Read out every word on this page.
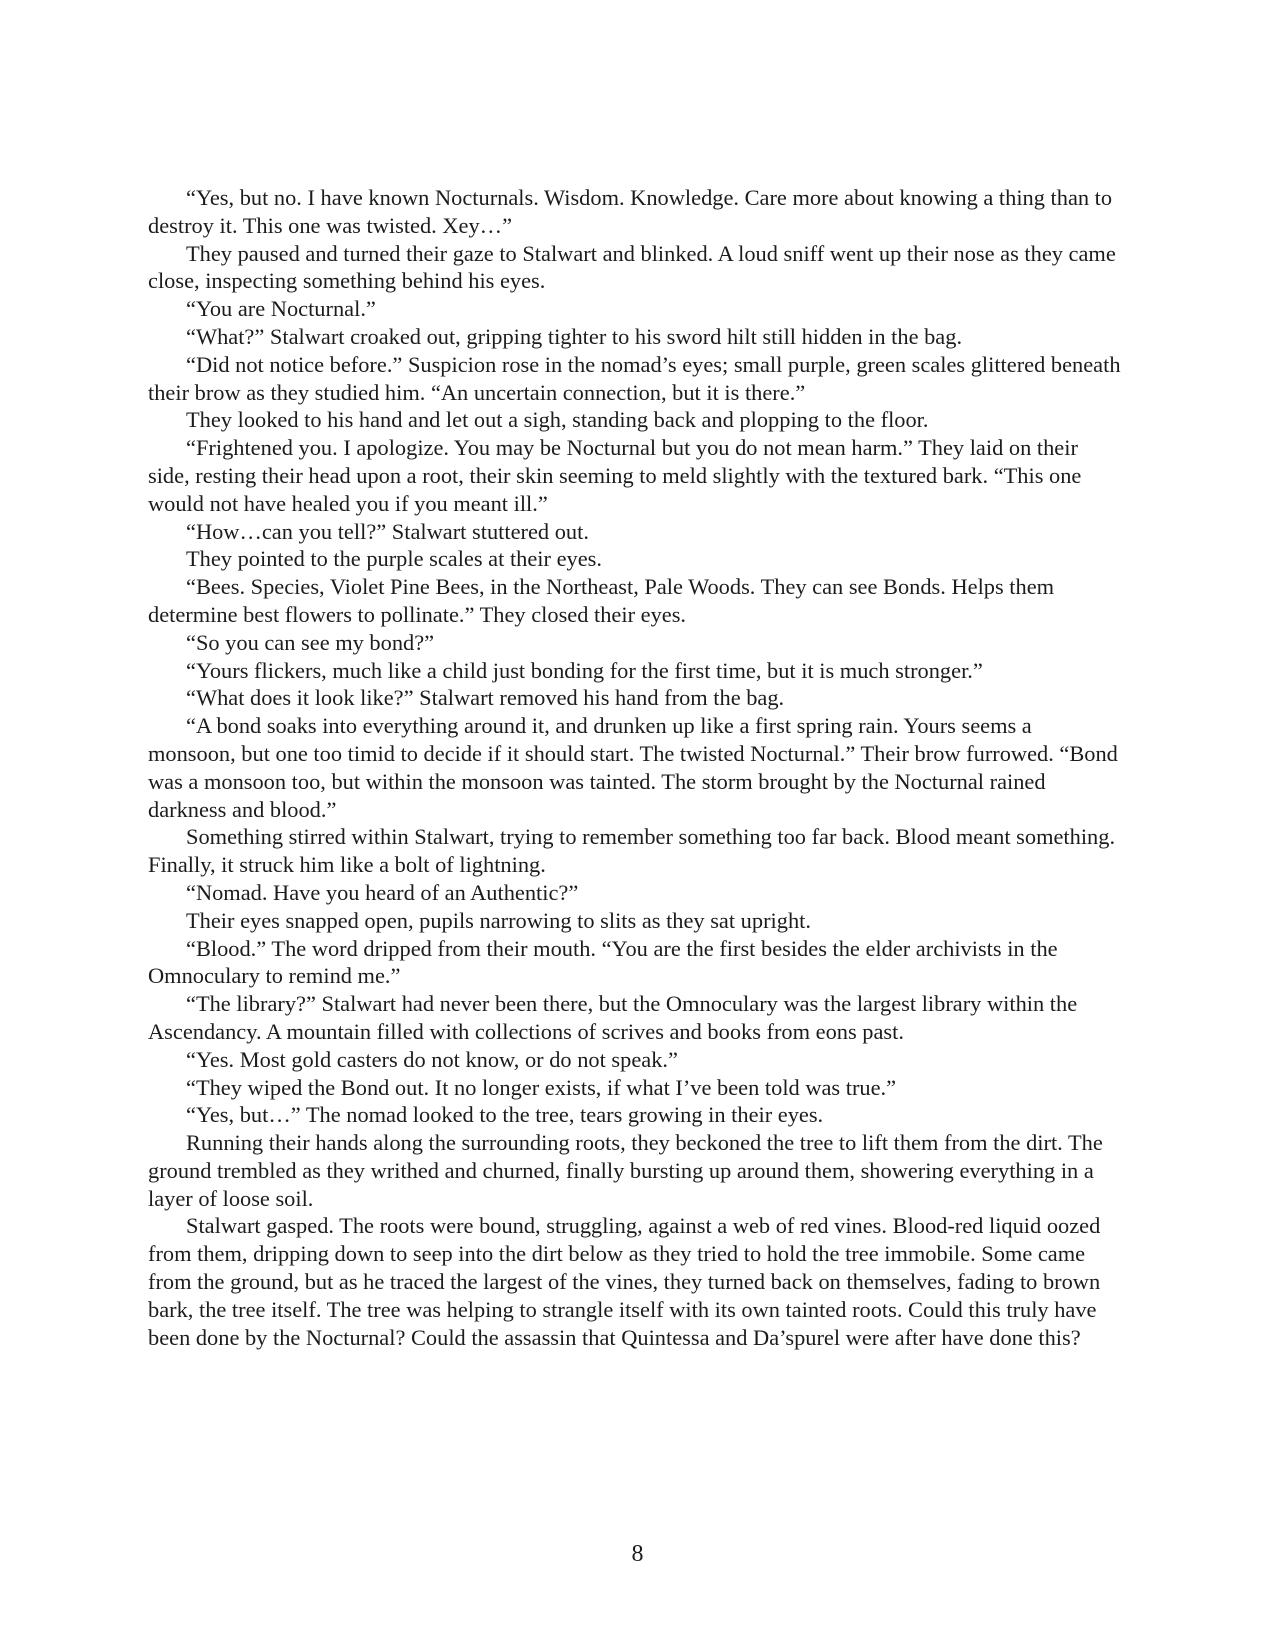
“Yes, but no. I have known Nocturnals. Wisdom. Knowledge. Care more about knowing a thing than to destroy it. This one was twisted. Xey…”

They paused and turned their gaze to Stalwart and blinked. A loud sniff went up their nose as they came close, inspecting something behind his eyes.

“You are Nocturnal.”

“What?” Stalwart croaked out, gripping tighter to his sword hilt still hidden in the bag.

“Did not notice before.” Suspicion rose in the nomad’s eyes; small purple, green scales glittered beneath their brow as they studied him. “An uncertain connection, but it is there.”

They looked to his hand and let out a sigh, standing back and plopping to the floor.

“Frightened you. I apologize. You may be Nocturnal but you do not mean harm.” They laid on their side, resting their head upon a root, their skin seeming to meld slightly with the textured bark. “This one would not have healed you if you meant ill.”

“How…can you tell?” Stalwart stuttered out.

They pointed to the purple scales at their eyes.

“Bees. Species, Violet Pine Bees, in the Northeast, Pale Woods. They can see Bonds. Helps them determine best flowers to pollinate.” They closed their eyes.

“So you can see my bond?”

“Yours flickers, much like a child just bonding for the first time, but it is much stronger.”

“What does it look like?” Stalwart removed his hand from the bag.

“A bond soaks into everything around it, and drunken up like a first spring rain. Yours seems a monsoon, but one too timid to decide if it should start. The twisted Nocturnal.” Their brow furrowed. “Bond was a monsoon too, but within the monsoon was tainted. The storm brought by the Nocturnal rained darkness and blood.”

Something stirred within Stalwart, trying to remember something too far back. Blood meant something. Finally, it struck him like a bolt of lightning.

“Nomad. Have you heard of an Authentic?”

Their eyes snapped open, pupils narrowing to slits as they sat upright.

“Blood.” The word dripped from their mouth. “You are the first besides the elder archivists in the Omnoculary to remind me.”

“The library?” Stalwart had never been there, but the Omnoculary was the largest library within the Ascendancy. A mountain filled with collections of scrives and books from eons past.

“Yes. Most gold casters do not know, or do not speak.”

“They wiped the Bond out. It no longer exists, if what I’ve been told was true.”

“Yes, but…” The nomad looked to the tree, tears growing in their eyes.

Running their hands along the surrounding roots, they beckoned the tree to lift them from the dirt. The ground trembled as they writhed and churned, finally bursting up around them, showering everything in a layer of loose soil.

Stalwart gasped. The roots were bound, struggling, against a web of red vines. Blood-red liquid oozed from them, dripping down to seep into the dirt below as they tried to hold the tree immobile. Some came from the ground, but as he traced the largest of the vines, they turned back on themselves, fading to brown bark, the tree itself. The tree was helping to strangle itself with its own tainted roots. Could this truly have been done by the Nocturnal? Could the assassin that Quintessa and Da’spurel were after have done this?

8
